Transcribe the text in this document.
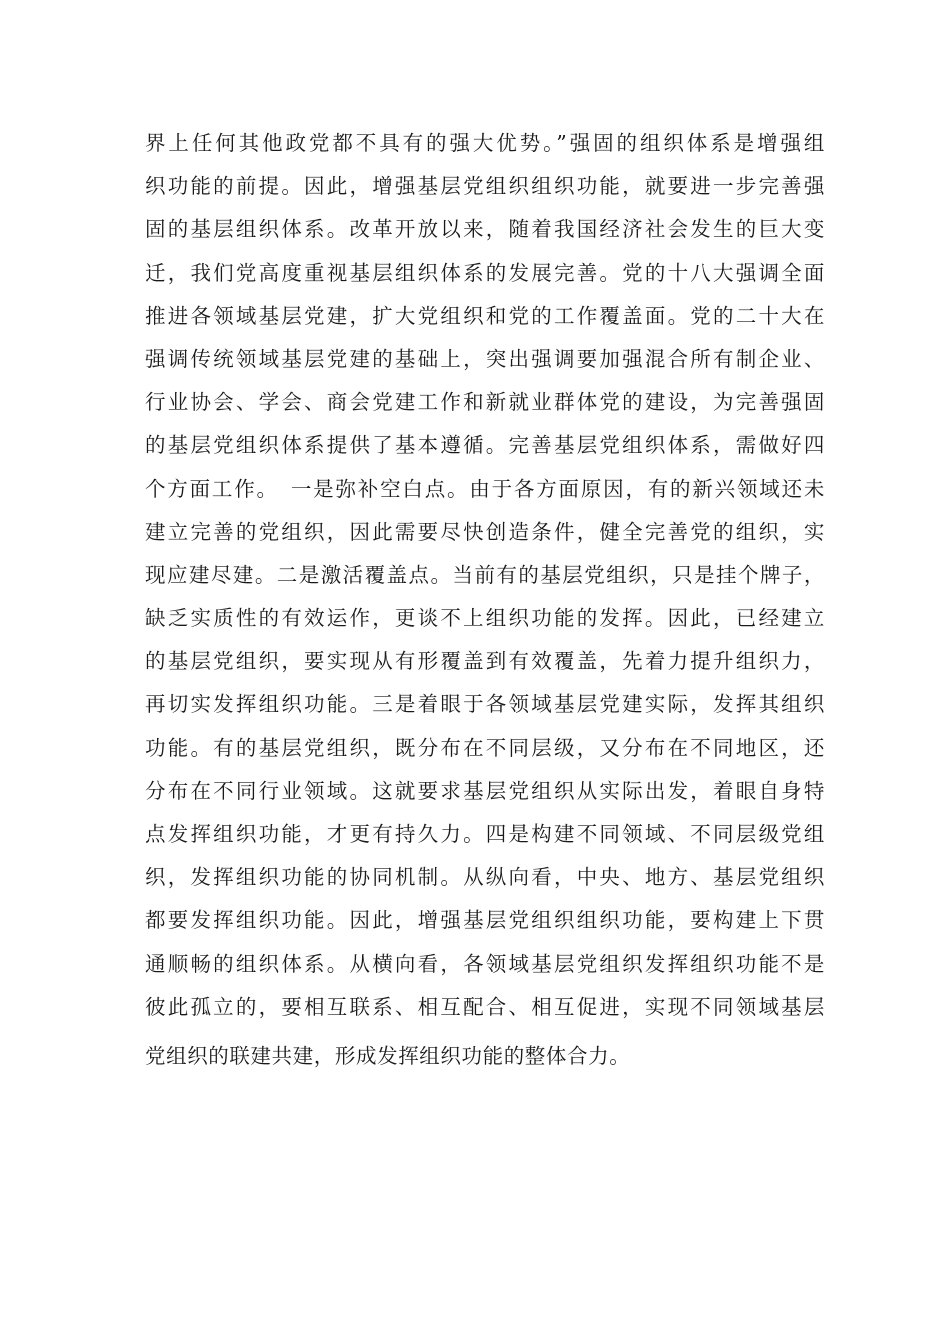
界上任何其他政党都不具有的强大优势。”强固的组织体系是增强组
织功能的前提。因此，增强基层党组织组织功能，就要进一步完善强
固的基层组织体系。改革开放以来，随着我国经济社会发生的巨大变
迁，我们党高度重视基层组织体系的发展完善。党的十八大强调全面
推进各领域基层党建，扩大党组织和党的工作覆盖面。党的二十大在
强调传统领域基层党建的基础上，突出强调要加强混合所有制企业、
行业协会、学会、商会党建工作和新就业群体党的建设，为完善强固
的基层党组织体系提供了基本遵循。完善基层党组织体系，需做好四
个方面工作。　一是弥补空白点。由于各方面原因，有的新兴领域还未
建立完善的党组织，因此需要尽快创造条件，健全完善党的组织，实
现应建尽建。二是激活覆盖点。当前有的基层党组织，只是挂个牌子，
缺乏实质性的有效运作，更谈不上组织功能的发挥。因此，已经建立
的基层党组织，要实现从有形覆盖到有效覆盖，先着力提升组织力，
再切实发挥组织功能。三是着眼于各领域基层党建实际，发挥其组织
功能。有的基层党组织，既分布在不同层级，又分布在不同地区，还
分布在不同行业领域。这就要求基层党组织从实际出发，着眼自身特
点发挥组织功能，才更有持久力。四是构建不同领域、不同层级党组
织，发挥组织功能的协同机制。从纵向看，中央、地方、基层党组织
都要发挥组织功能。因此，增强基层党组织组织功能，要构建上下贯
通顺畅的组织体系。从横向看，各领域基层党组织发挥组织功能不是
彼此孤立的，要相互联系、相互配合、相互促进，实现不同领域基层
党组织的联建共建，形成发挥组织功能的整体合力。
